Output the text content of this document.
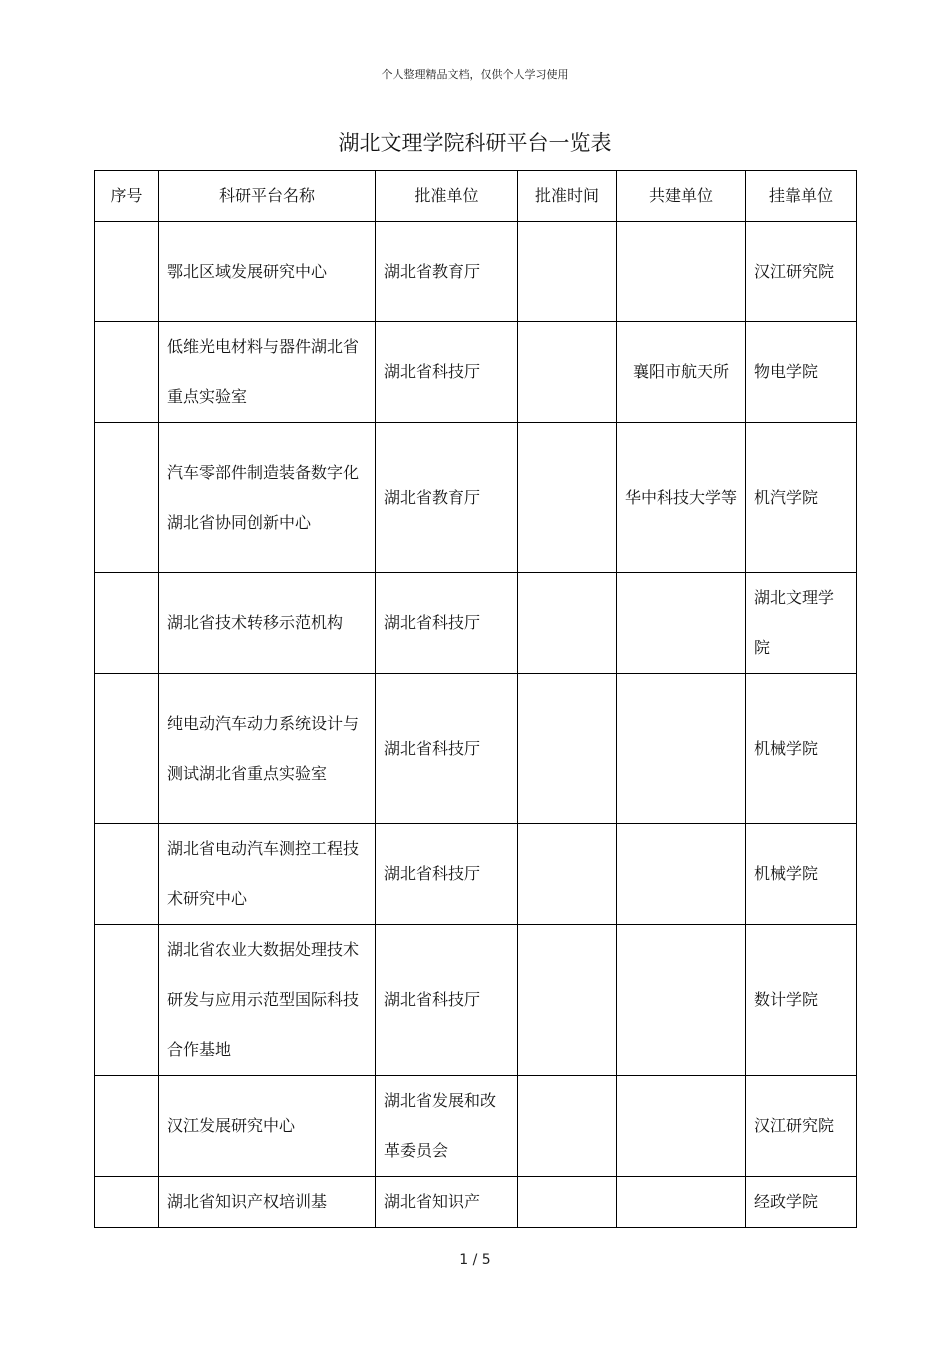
个人整理精品文档，仅供个人学习使用
湖北文理学院科研平台一览表
序号	科研平台名称	批准单位	批准时间	共建单位	挂靠单位
	鄂北区域发展研究中心	湖北省教育厅			汉江研究院
	低维光电材料与器件湖北省重点实验室	湖北省科技厅		襄阳市航天所	物电学院
	汽车零部件制造装备数字化湖北省协同创新中心	湖北省教育厅		华中科技大学等	机汽学院
	湖北省技术转移示范机构	湖北省科技厅			湖北文理学院
	纯电动汽车动力系统设计与测试湖北省重点实验室	湖北省科技厅			机械学院
	湖北省电动汽车测控工程技术研究中心	湖北省科技厅			机械学院
	湖北省农业大数据处理技术研发与应用示范型国际科技合作基地	湖北省科技厅			数计学院
	汉江发展研究中心	湖北省发展和改革委员会			汉江研究院
	湖北省知识产权培训基	湖北省知识产			经政学院
1 / 5
